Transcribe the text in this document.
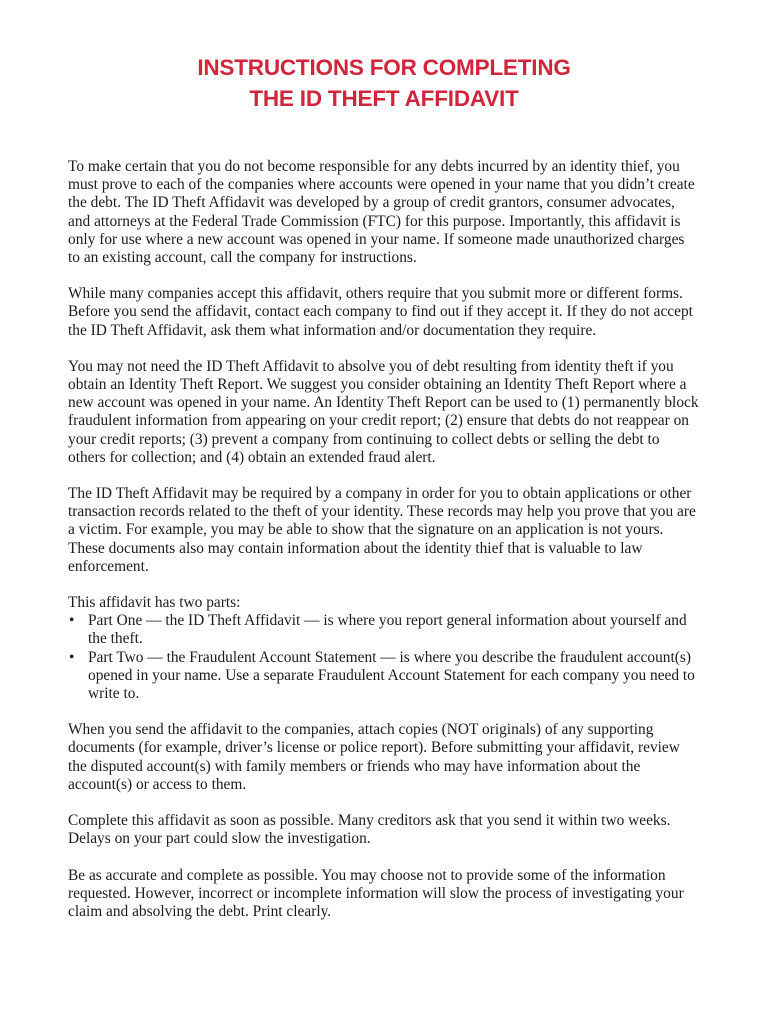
INSTRUCTIONS FOR COMPLETING
THE ID THEFT AFFIDAVIT

To make certain that you do not become responsible for any debts incurred by an identity thief, you must prove to each of the companies where accounts were opened in your name that you didn’t create the debt. The ID Theft Affidavit was developed by a group of credit grantors, consumer advocates, and attorneys at the Federal Trade Commission (FTC) for this purpose. Importantly, this affidavit is only for use where a new account was opened in your name. If someone made unauthorized charges to an existing account, call the company for instructions.

While many companies accept this affidavit, others require that you submit more or different forms. Before you send the affidavit, contact each company to find out if they accept it. If they do not accept the ID Theft Affidavit, ask them what information and/or documentation they require.

You may not need the ID Theft Affidavit to absolve you of debt resulting from identity theft if you obtain an Identity Theft Report. We suggest you consider obtaining an Identity Theft Report where a new account was opened in your name. An Identity Theft Report can be used to (1) permanently block fraudulent information from appearing on your credit report; (2) ensure that debts do not reappear on your credit reports; (3) prevent a company from continuing to collect debts or selling the debt to others for collection; and (4) obtain an extended fraud alert.

The ID Theft Affidavit may be required by a company in order for you to obtain applications or other transaction records related to the theft of your identity. These records may help you prove that you are a victim. For example, you may be able to show that the signature on an application is not yours. These documents also may contain information about the identity thief that is valuable to law enforcement.

This affidavit has two parts:
• Part One — the ID Theft Affidavit — is where you report general information about yourself and the theft.
• Part Two — the Fraudulent Account Statement — is where you describe the fraudulent account(s) opened in your name. Use a separate Fraudulent Account Statement for each company you need to write to.

When you send the affidavit to the companies, attach copies (NOT originals) of any supporting documents (for example, driver’s license or police report). Before submitting your affidavit, review the disputed account(s) with family members or friends who may have information about the account(s) or access to them.

Complete this affidavit as soon as possible. Many creditors ask that you send it within two weeks. Delays on your part could slow the investigation.

Be as accurate and complete as possible. You may choose not to provide some of the information requested. However, incorrect or incomplete information will slow the process of investigating your claim and absolving the debt. Print clearly.
